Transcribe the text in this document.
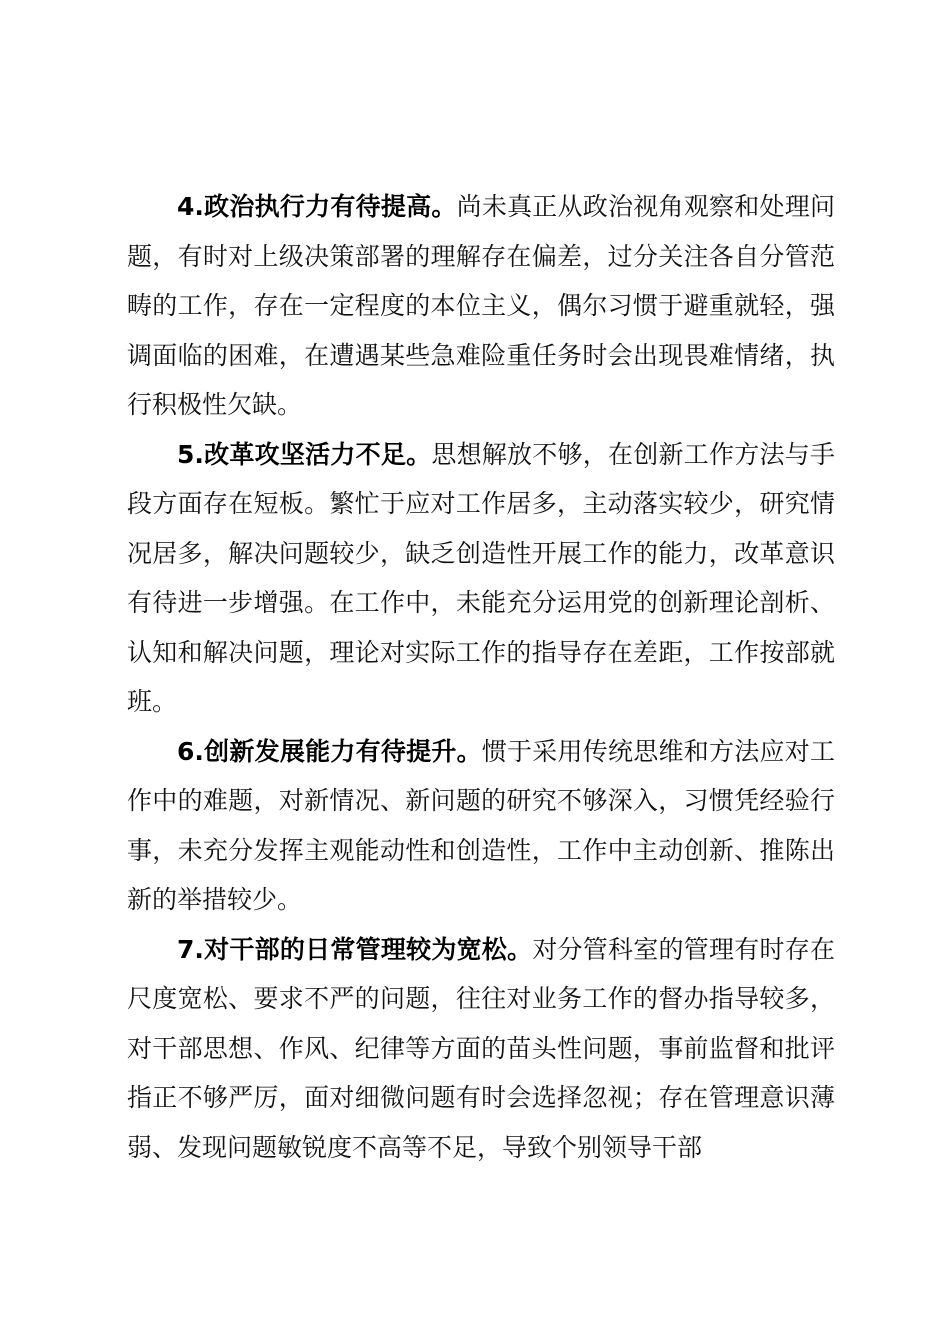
4.政治执行力有待提高。尚未真正从政治视角观察和处理问题，有时对上级决策部署的理解存在偏差，过分关注各自分管范畴的工作，存在一定程度的本位主义，偶尔习惯于避重就轻，强调面临的困难，在遭遇某些急难险重任务时会出现畏难情绪，执行积极性欠缺。

5.改革攻坚活力不足。思想解放不够，在创新工作方法与手段方面存在短板。繁忙于应对工作居多，主动落实较少，研究情况居多，解决问题较少，缺乏创造性开展工作的能力，改革意识有待进一步增强。在工作中，未能充分运用党的创新理论剖析、认知和解决问题，理论对实际工作的指导存在差距，工作按部就班。

6.创新发展能力有待提升。惯于采用传统思维和方法应对工作中的难题，对新情况、新问题的研究不够深入，习惯凭经验行事，未充分发挥主观能动性和创造性，工作中主动创新、推陈出新的举措较少。

7.对干部的日常管理较为宽松。对分管科室的管理有时存在尺度宽松、要求不严的问题，往往对业务工作的督办指导较多，对干部思想、作风、纪律等方面的苗头性问题，事前监督和批评指正不够严厉，面对细微问题有时会选择忽视；存在管理意识薄弱、发现问题敏锐度不高等不足，导致个别领导干部
